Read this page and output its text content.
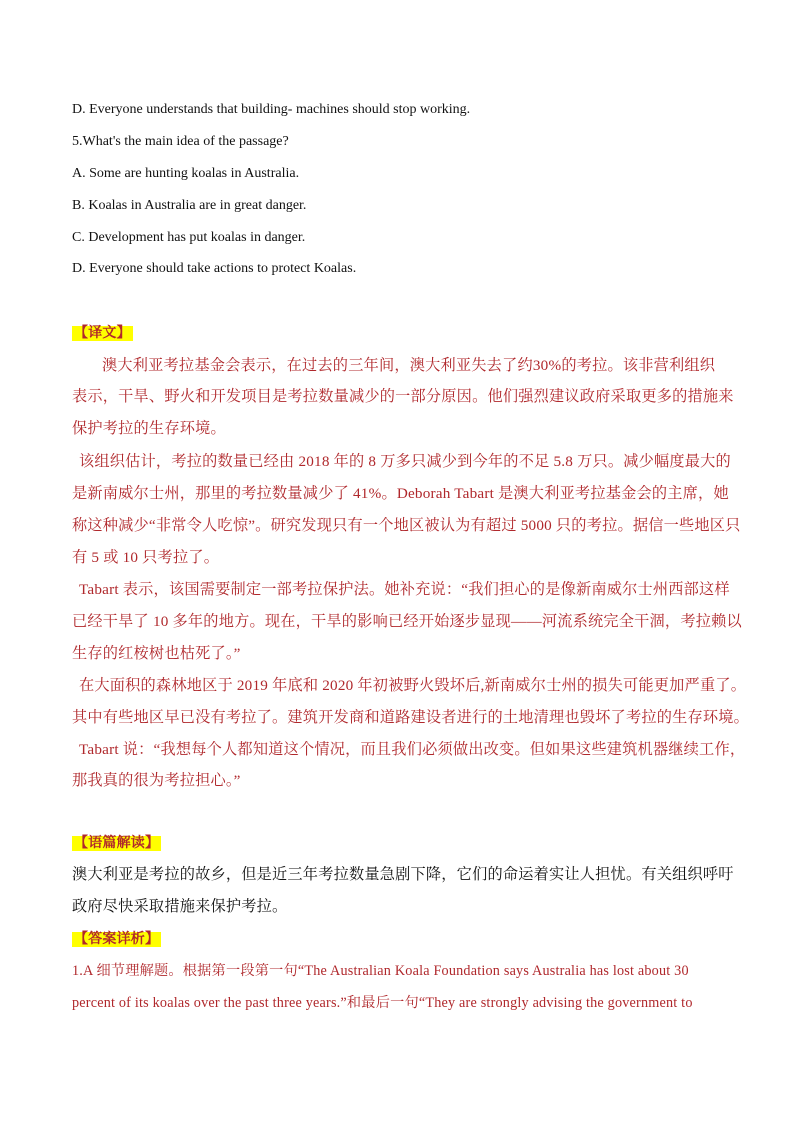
D. Everyone understands that building- machines should stop working.
5.What's the main idea of the passage?
A. Some are hunting koalas in Australia.
B. Koalas in Australia are in great danger.
C. Development has put koalas in danger.
D. Everyone should take actions to protect Koalas.
【译文】
澳大利亚考拉基金会表示，在过去的三年间，澳大利亚失去了约30%的考拉。该非营利组织
表示，干旱、野火和开发项目是考拉数量减少的一部分原因。他们强烈建议政府采取更多的措施来
保护考拉的生存环境。
该组织估计，考拉的数量已经由 2018 年的 8 万多只减少到今年的不足 5.8 万只。减少幅度最大的
是新南威尔士州，那里的考拉数量减少了 41%。Deborah Tabart 是澳大利亚考拉基金会的主席，她
称这种减少“非常令人吃惊”。研究发现只有一个地区被认为有超过 5000 只的考拉。据信一些地区只
有 5 或 10 只考拉了。
Tabart 表示，该国需要制定一部考拉保护法。她补充说：“我们担心的是像新南威尔士州西部这样
已经干旱了 10 多年的地方。现在，干旱的影响已经开始逐步显现——河流系统完全干涸，考拉赖以
生存的红桉树也枯死了。”
在大面积的森林地区于 2019 年底和 2020 年初被野火毁坏后,新南威尔士州的损失可能更加严重了。
其中有些地区早已没有考拉了。建筑开发商和道路建设者进行的土地清理也毁坏了考拉的生存环境。
Tabart 说：“我想每个人都知道这个情况，而且我们必须做出改变。但如果这些建筑机器继续工作，
那我真的很为考拉担心。”
【语篇解读】
澳大利亚是考拉的故乡，但是近三年考拉数量急剧下降，它们的命运着实让人担忧。有关组织呼吁
政府尽快采取措施来保护考拉。
【答案详析】
1.A 细节理解题。根据第一段第一句“The Australian Koala Foundation says Australia has lost about 30
percent of its koalas over the past three years.”和最后一句“They are strongly advising the government to
